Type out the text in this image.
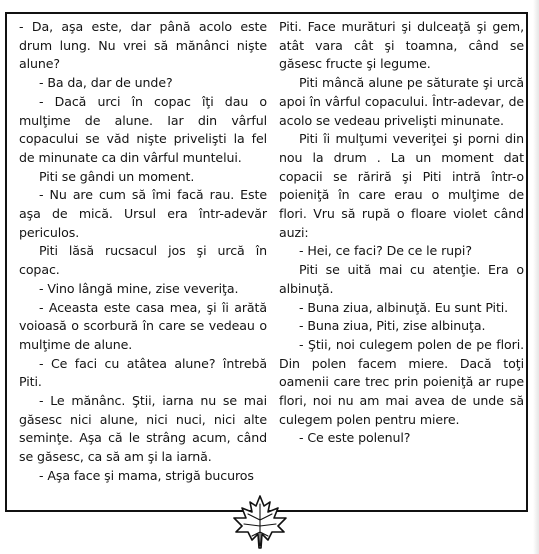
- Da, aşa este, dar până acolo este drum lung. Nu vrei să mănânci nişte alune?

- Ba da, dar de unde?

- Dacă urci în copac îţi dau o mulţime de alune. Iar din vârful copacului se văd nişte privelişti la fel de minunate ca din vârful muntelui.

Piti se gândi un moment.

- Nu are cum să îmi facă rau. Este aşa de mică. Ursul era într-adevăr periculos.

Piti lăsă rucsacul jos şi urcă în copac.

- Vino lângă mine, zise veveriţa.

- Aceasta este casa mea, şi îi arătă voioasă o scorbură în care se vedeau o mulţime de alune.

- Ce faci cu atâtea alune? întrebă Piti.

- Le mănânc. Ştii, iarna nu se mai găsesc nici alune, nici nuci, nici alte seminţe. Aşa că le strâng acum, când se găsesc, ca să am şi la iarnă.

- Aşa face şi mama, strigă bucuros

Piti. Face murături şi dulceaţă şi gem, atât vara cât şi toamna, când se găsesc fructe şi legume.

Piti mâncă alune pe săturate şi urcă apoi în vârful copacului. Într-adevar, de acolo se vedeau privelişti minunate.

Piti îi mulţumi veveriţei şi porni din nou la drum . La un moment dat copacii se răriră şi Piti intră într-o poieniţă în care erau o mulţime de flori. Vru să rupă o floare violet când auzi:

- Hei, ce faci? De ce le rupi?

Piti se uită mai cu atenţie. Era o albinuţă.

- Buna ziua, albinuţă. Eu sunt Piti.

- Buna ziua, Piti, zise albinuţa.

- Ştii, noi culegem polen de pe flori. Din polen facem miere. Dacă toţi oamenii care trec prin poieniţă ar rupe flori, noi nu am mai avea de unde să culegem polen pentru miere.

- Ce este polenul?
